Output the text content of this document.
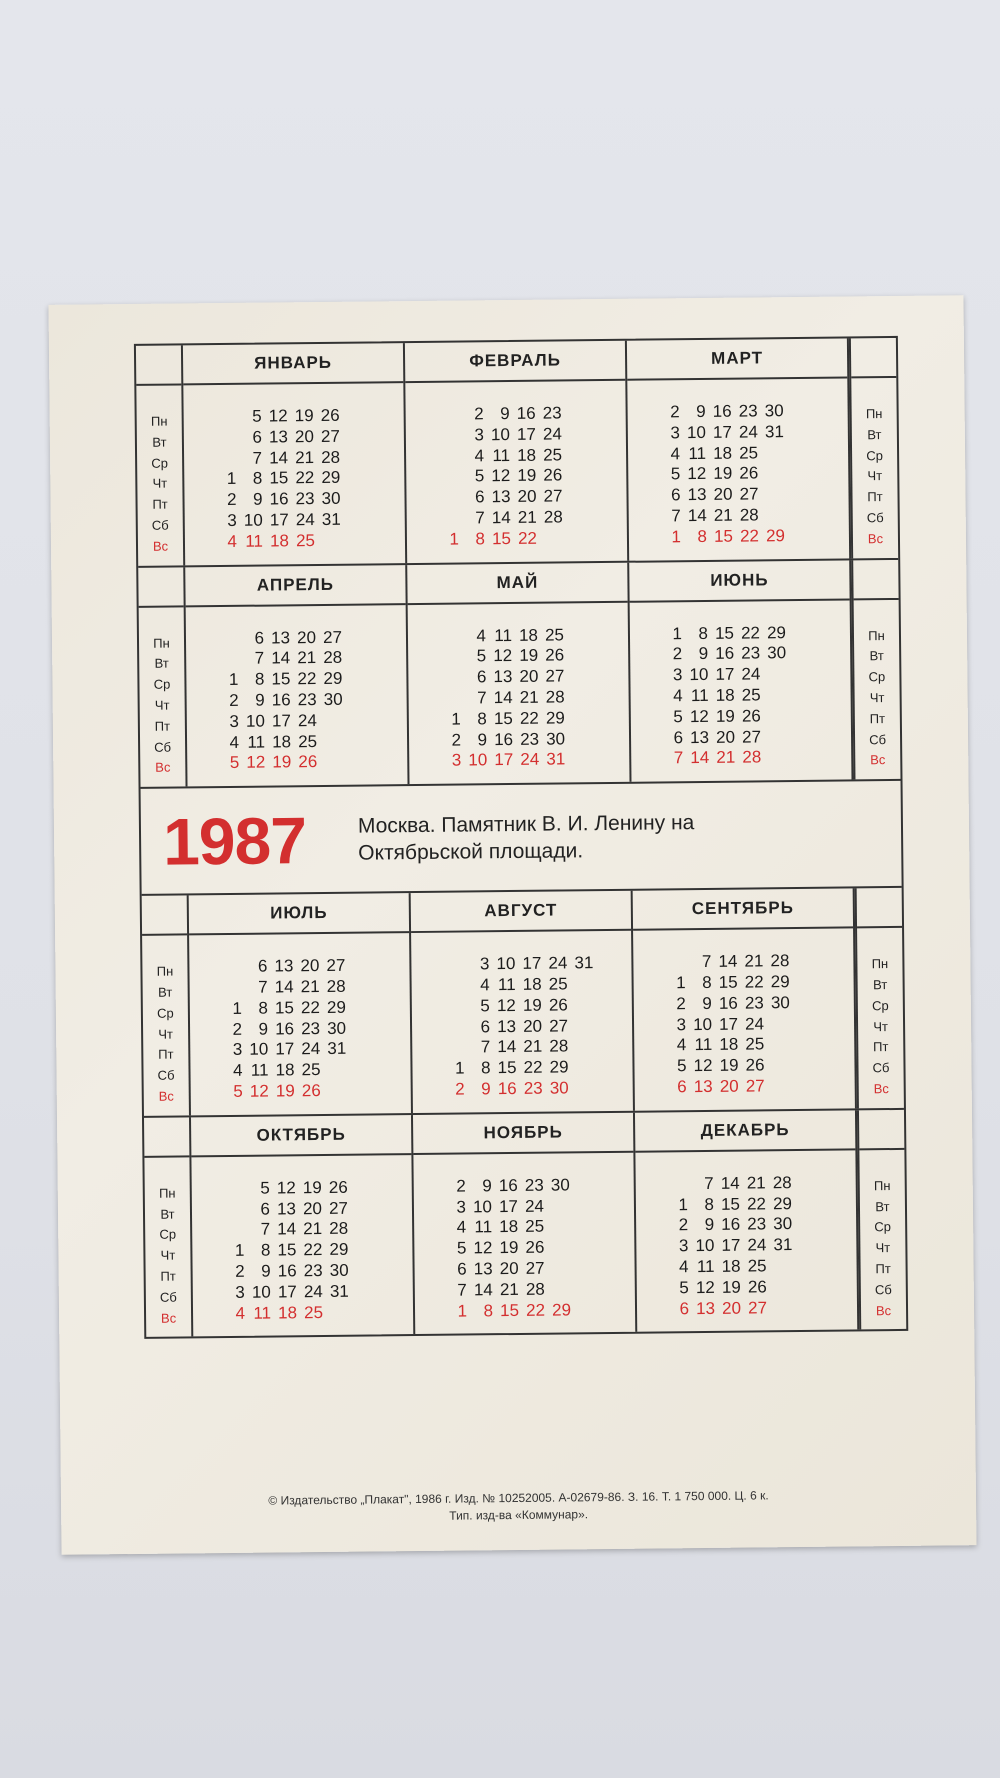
Пн
Вт
Ср
Чт
Пт
Сб
Вс
ЯНВАРЬ
5 12 19 26
6 13 20 27
7 14 21 28
1 8 15 22 29
2 9 16 23 30
3 10 17 24 31
4 11 18 25
ФЕВРАЛЬ
2 9 16 23
3 10 17 24
4 11 18 25
5 12 19 26
6 13 20 27
7 14 21 28
1 8 15 22
МАРТ
2 9 16 23 30
3 10 17 24 31
4 11 18 25
5 12 19 26
6 13 20 27
7 14 21 28
1 8 15 22 29
Пн
Вт
Ср
Чт
Пт
Сб
Вс
Пн
Вт
Ср
Чт
Пт
Сб
Вс
АПРЕЛЬ
6 13 20 27
7 14 21 28
1 8 15 22 29
2 9 16 23 30
3 10 17 24
4 11 18 25
5 12 19 26
МАЙ
4 11 18 25
5 12 19 26
6 13 20 27
7 14 21 28
1 8 15 22 29
2 9 16 23 30
3 10 17 24 31
ИЮНЬ
1 8 15 22 29
2 9 16 23 30
3 10 17 24
4 11 18 25
5 12 19 26
6 13 20 27
7 14 21 28
Пн
Вт
Ср
Чт
Пт
Сб
Вс
1987	Москва. Памятник В. И. Ленину на
Октябрьской площади.
Пн
Вт
Ср
Чт
Пт
Сб
Вс
ИЮЛЬ
6 13 20 27
7 14 21 28
1 8 15 22 29
2 9 16 23 30
3 10 17 24 31
4 11 18 25
5 12 19 26
АВГУСТ
3 10 17 24 31
4 11 18 25
5 12 19 26
6 13 20 27
7 14 21 28
1 8 15 22 29
2 9 16 23 30
СЕНТЯБРЬ
7 14 21 28
1 8 15 22 29
2 9 16 23 30
3 10 17 24
4 11 18 25
5 12 19 26
6 13 20 27
Пн
Вт
Ср
Чт
Пт
Сб
Вс
Пн
Вт
Ср
Чт
Пт
Сб
Вс
ОКТЯБРЬ
5 12 19 26
6 13 20 27
7 14 21 28
1 8 15 22 29
2 9 16 23 30
3 10 17 24 31
4 11 18 25
НОЯБРЬ
2 9 16 23 30
3 10 17 24
4 11 18 25
5 12 19 26
6 13 20 27
7 14 21 28
1 8 15 22 29
ДЕКАБРЬ
7 14 21 28
1 8 15 22 29
2 9 16 23 30
3 10 17 24 31
4 11 18 25
5 12 19 26
6 13 20 27
Пн
Вт
Ср
Чт
Пт
Сб
Вс
© Издательство „Плакат", 1986 г. Изд. № 10252005. А-02679-86. З. 16. Т. 1 750 000. Ц. 6 к.
Тип. изд-ва «Коммунар».
